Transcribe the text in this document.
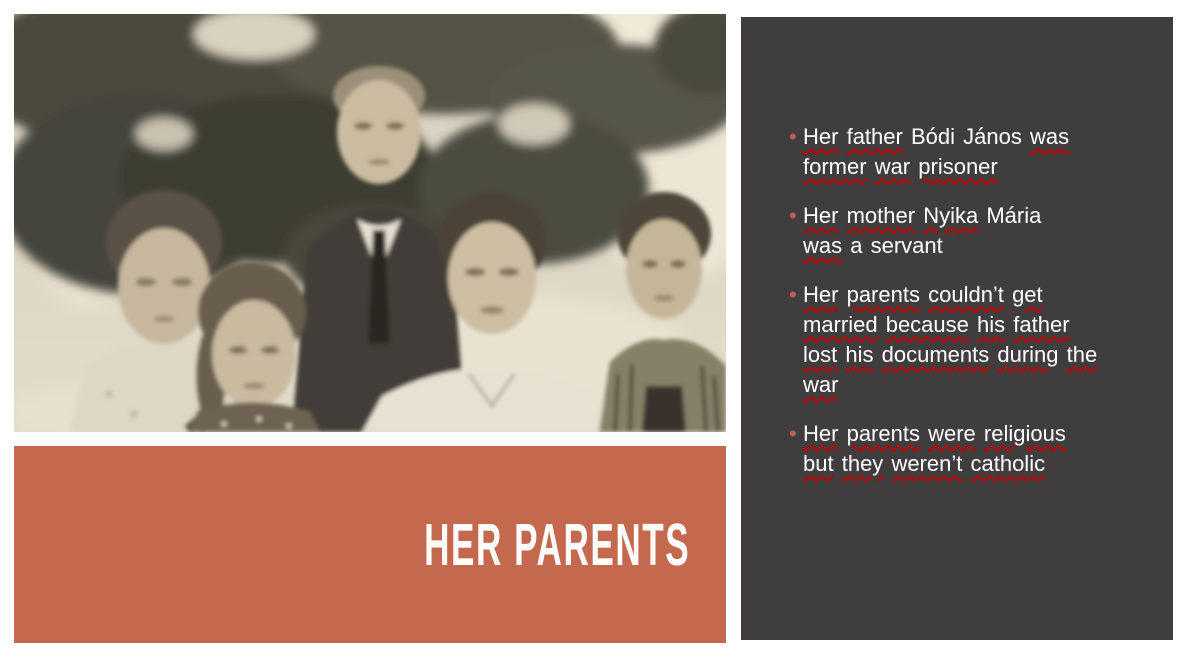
HER PARENTS
• Her father Bódi János was
former war prisoner
• Her mother Nyika Mária
was a servant
• Her parents couldn’t get
married because his father
lost his documents during the
war
• Her parents were religious
but they weren’t catholic
